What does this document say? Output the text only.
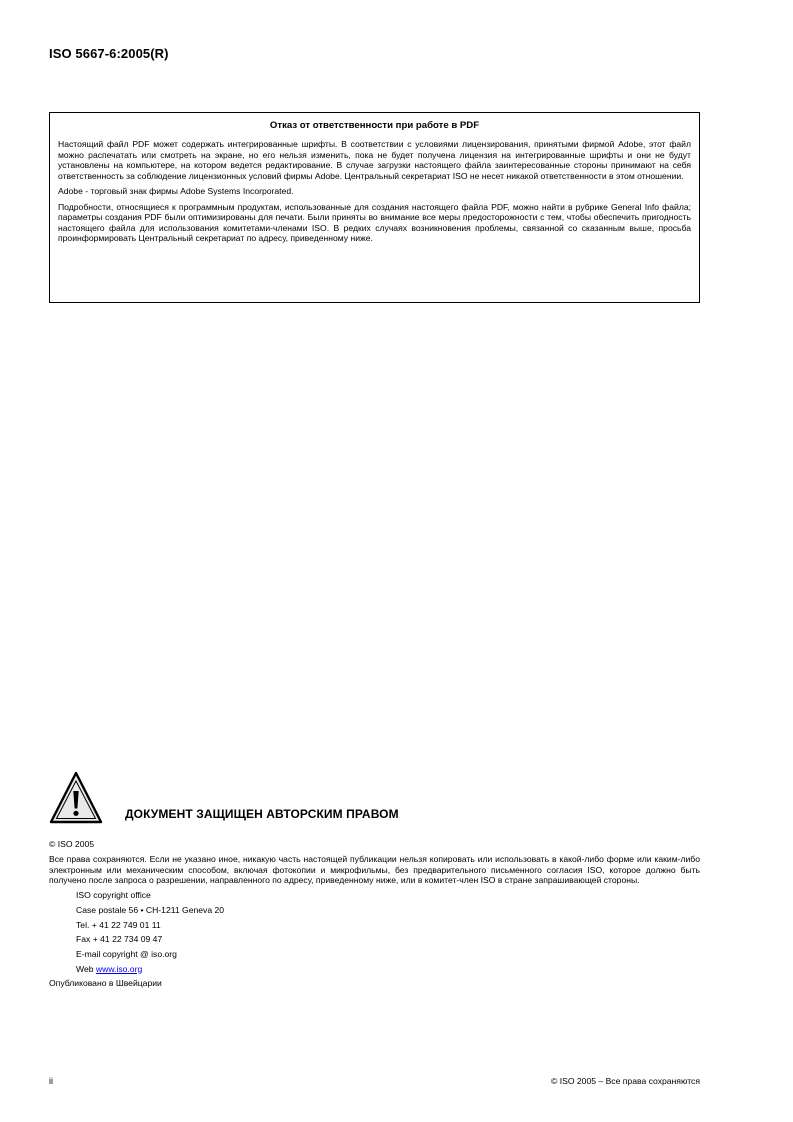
ISO 5667-6:2005(R)
Отказ от ответственности при работе в PDF

Настоящий файл PDF может содержать интегрированные шрифты. В соответствии с условиями лицензирования, принятыми фирмой Adobe, этот файл можно распечатать или смотреть на экране, но его нельзя изменить, пока не будет получена лицензия на интегрированные шрифты и они не будут установлены на компьютере, на котором ведется редактирование. В случае загрузки настоящего файла заинтересованные стороны принимают на себя ответственность за соблюдение лицензионных условий фирмы Adobe. Центральный секретариат ISO не несет никакой ответственности в этом отношении.

Adobe - торговый знак фирмы Adobe Systems Incorporated.

Подробности, относящиеся к программным продуктам, использованные для создания настоящего файла PDF, можно найти в рубрике General Info файла; параметры создания PDF были оптимизированы для печати. Были приняты во внимание все меры предосторожности с тем, чтобы обеспечить пригодность настоящего файла для использования комитетами-членами ISO. В редких случаях возникновения проблемы, связанной со сказанным выше, просьба проинформировать Центральный секретариат по адресу, приведенному ниже.

ДОКУМЕНТ ЗАЩИЩЕН АВТОРСКИМ ПРАВОМ

© ISO 2005

Все права сохраняются. Если не указано иное, никакую часть настоящей публикации нельзя копировать или использовать в какой-либо форме или каким-либо электронным или механическим способом, включая фотокопии и микрофильмы, без предварительного письменного согласия ISO, которое должно быть получено после запроса о разрешении, направленного по адресу, приведенному ниже, или в комитет-член ISO в стране запрашивающей стороны.

ISO copyright office

Case postale 56 • CH-1211 Geneva 20

Tel. + 41 22 749 01 11

Fax + 41 22 734 09 47

E-mail copyright @ iso.org

Web www.iso.org

Опубликовано в Швейцарии

ii	© ISO 2005 – Все права сохраняются
